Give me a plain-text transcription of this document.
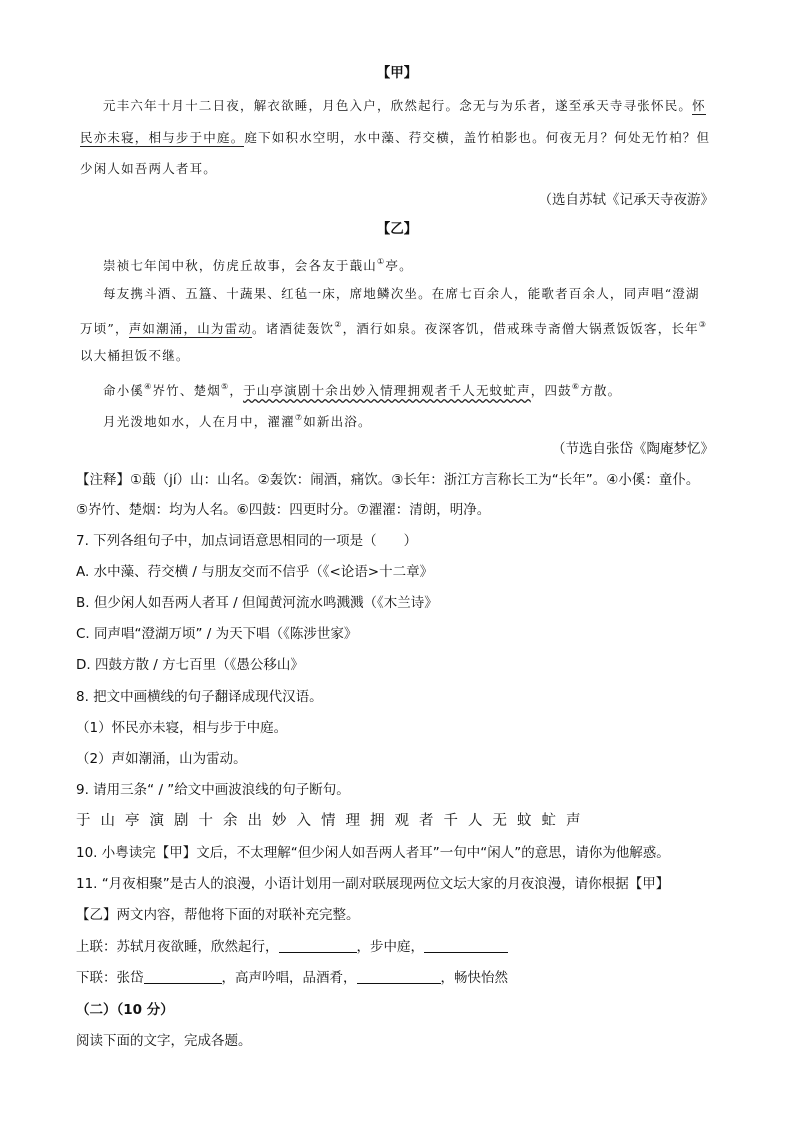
【甲】
元丰六年十月十二日夜，解衣欲睡，月色入户，欣然起行。念无与为乐者，遂至承天寺寻张怀民。怀
民亦未寝，相与步于中庭。庭下如积水空明，水中藻、荇交横，盖竹柏影也。何夜无月？何处无竹柏？但
少闲人如吾两人者耳。
（选自苏轼《记承天寺夜游》
【乙】
崇祯七年闰中秋，仿虎丘故事，会各友于蕺山①亭。
每友携斗酒、五簋、十蔬果、红毡一床，席地鳞次坐。在席七百余人，能歌者百余人，同声唱“澄湖
万顷”，声如潮涌，山为雷动。诸酒徒轰饮②，酒行如泉。夜深客饥，借戒珠寺斋僧大锅煮饭饭客，长年③
以大桶担饭不继。
命小傒④岕竹、楚烟⑤，于山亭演剧十余出妙入情理拥观者千人无蚊虻声，四鼓⑥方散。
月光泼地如水，人在月中，濯濯⑦如新出浴。
（节选自张岱《陶庵梦忆》
【注释】①蕺（jí）山：山名。②轰饮：闹酒，痛饮。③长年：浙江方言称长工为“长年”。④小傒：童仆。
⑤岕竹、楚烟：均为人名。⑥四鼓：四更时分。⑦濯濯：清朗，明净。
7. 下列各组句子中，加点词语意思相同的一项是（　　）
A. 水中藻、荇交横 / 与朋友交而不信乎（《<论语>十二章》
B. 但少闲人如吾两人者耳 / 但闻黄河流水鸣溅溅（《木兰诗》
C. 同声唱“澄湖万顷” / 为天下唱（《陈涉世家》
D. 四鼓方散 / 方七百里（《愚公移山》
8. 把文中画横线的句子翻译成现代汉语。
（1）怀民亦未寝，相与步于中庭。
（2）声如潮涌，山为雷动。
9. 请用三条“ / ”给文中画波浪线的句子断句。
于山亭演剧十余出妙入情理拥观者千人无蚊虻声
10. 小粤读完【甲】文后，不太理解“但少闲人如吾两人者耳”一句中“闲人”的意思，请你为他解惑。
11. “月夜相聚”是古人的浪漫，小语计划用一副对联展现两位文坛大家的月夜浪漫，请你根据【甲】
【乙】两文内容，帮他将下面的对联补充完整。
上联：苏轼月夜欲睡，欣然起行，	，步中庭，
下联：张岱	，高声吟唱，品酒肴，	，畅快怡然
（二）（10 分）
阅读下面的文字，完成各题。
